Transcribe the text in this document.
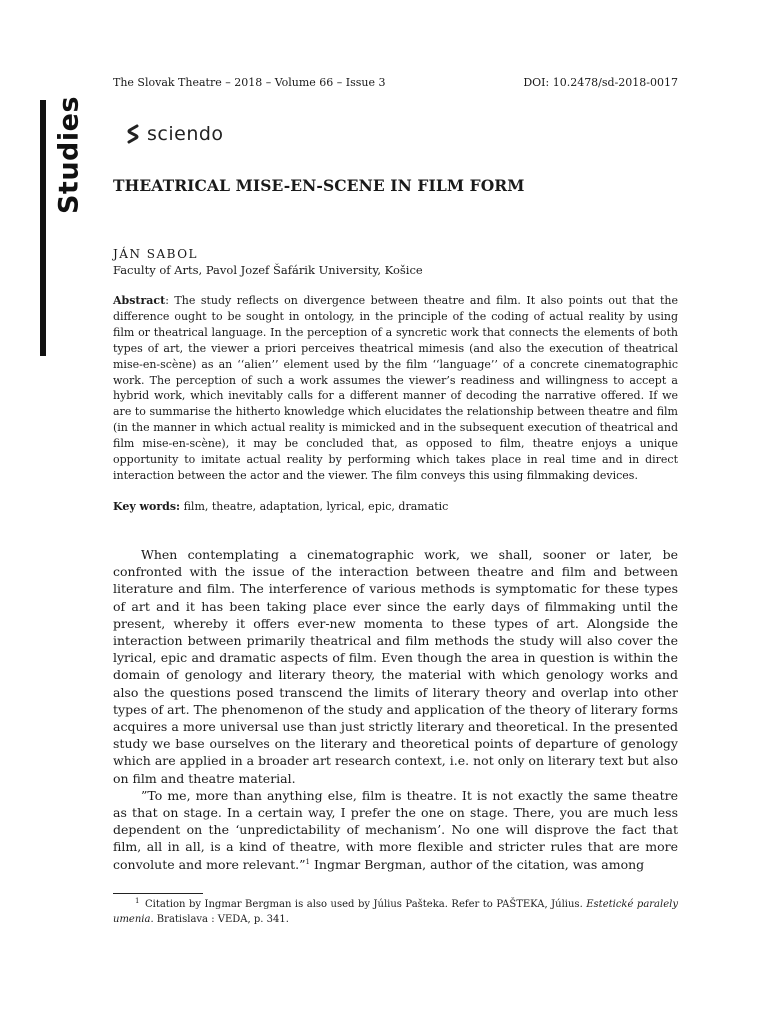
Studies
The Slovak Theatre – 2018 – Volume 66 – Issue 3	DOI: 10.2478/sd-2018-0017
sciendo
THEATRICAL MISE-EN-SCENE IN FILM FORM
JÁN SABOL
Faculty of Arts, Pavol Jozef Šafárik University, Košice
Abstract: The study reflects on divergence between theatre and film. It also points out that the difference ought to be sought in ontology, in the principle of the coding of actual reality by using film or theatrical language. In the perception of a syncretic work that connects the elements of both types of art, the viewer a priori perceives theatrical mimesis (and also the execution of theatrical mise-en-scène) as an ‘‘alien’’ element used by the film ‘‘language’’ of a concrete cinematographic work. The perception of such a work assumes the viewer’s readiness and willingness to accept a hybrid work, which inevitably calls for a different manner of decoding the narrative offered. If we are to summarise the hitherto knowledge which elucidates the relationship between theatre and film (in the manner in which actual reality is mimicked and in the subsequent execution of theatrical and film mise-en-scène), it may be concluded that, as opposed to film, theatre enjoys a unique opportunity to imitate actual reality by performing which takes place in real time and in direct interaction between the actor and the viewer. The film conveys this using filmmaking devices.
Key words: film, theatre, adaptation, lyrical, epic, dramatic

When contemplating a cinematographic work, we shall, sooner or later, be confronted with the issue of the interaction between theatre and film and between literature and film. The interference of various methods is symptomatic for these types of art and it has been taking place ever since the early days of filmmaking until the present, whereby it offers ever-new momenta to these types of art. Alongside the interaction between primarily theatrical and film methods the study will also cover the lyrical, epic and dramatic aspects of film. Even though the area in question is within the domain of genology and literary theory, the material with which genology works and also the questions posed transcend the limits of literary theory and overlap into other types of art. The phenomenon of the study and application of the theory of literary forms acquires a more universal use than just strictly literary and theoretical. In the presented study we base ourselves on the literary and theoretical points of departure of genology which are applied in a broader art research context, i.e. not only on literary text but also on film and theatre material.

”To me, more than anything else, film is theatre. It is not exactly the same theatre as that on stage. In a certain way, I prefer the one on stage. There, you are much less dependent on the ‘unpredictability of mechanism’. No one will disprove the fact that film, all in all, is a kind of theatre, with more flexible and stricter rules that are more convolute and more relevant.”$^1$ Ingmar Bergman, author of the citation, was among

$^1$ Citation by Ingmar Bergman is also used by Július Pašteka. Refer to PAŠTEKA, Július. Estetické paralely umenia. Bratislava : VEDA, p. 341.
